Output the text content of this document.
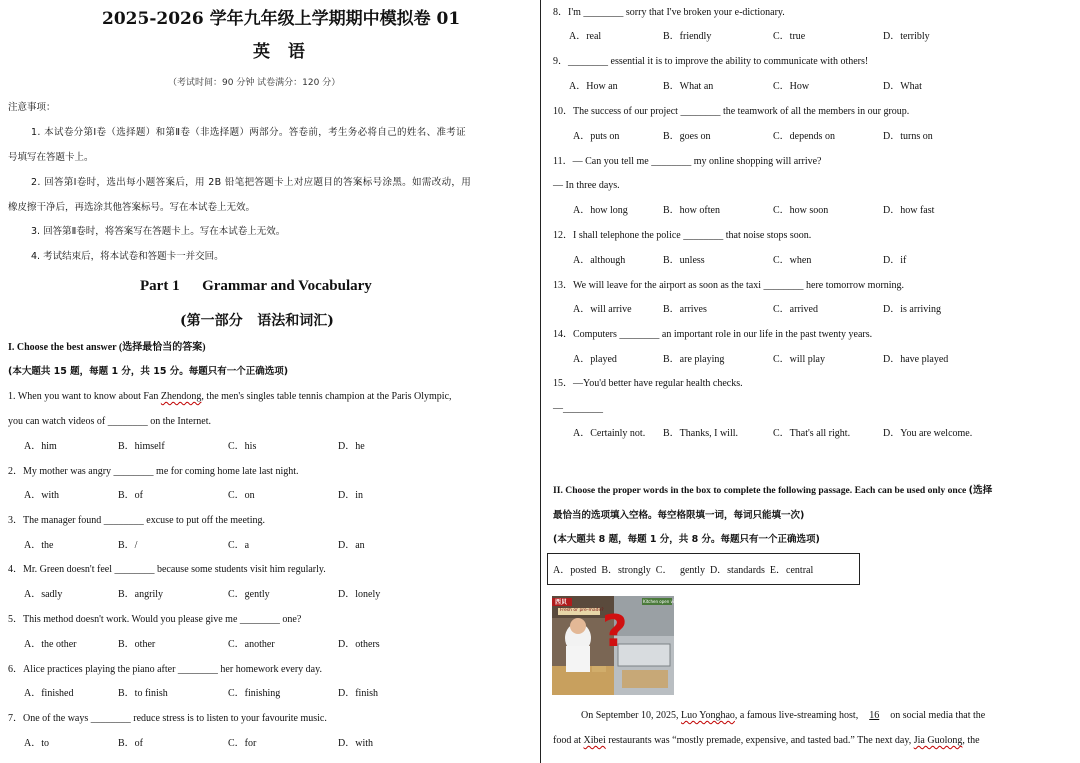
2025-2026 学年九年级上学期期中模拟卷 01
英 语
（考试时间：90 分钟 试卷满分：120 分）
注意事项：
1. 本试卷分第Ⅰ卷（选择题）和第Ⅱ卷（非选择题）两部分。答卷前，考生务必将自己的姓名、准考证
号填写在答题卡上。
2. 回答第Ⅰ卷时，选出每小题答案后，用 2B 铅笔把答题卡上对应题目的答案标号涂黑。如需改动，用
橡皮擦干净后，再选涂其他答案标号。写在本试卷上无效。
3. 回答第Ⅱ卷时，将答案写在答题卡上。写在本试卷上无效。
4. 考试结束后，将本试卷和答题卡一并交回。
Part 1      Grammar and Vocabulary
(第一部分   语法和词汇)
I. Choose the best answer (选择最恰当的答案)
(本大题共 15 题，每题 1 分，共 15 分。每题只有一个正确选项)
1. When you want to know about Fan Zhendong, the men's singles table tennis champion at the Paris Olympic,
you can watch videos of ________ on the Internet.
A．him	B．himself	C．his	D．he
2．My mother was angry ________ me for coming home late last night.
A．with	B．of	C．on	D．in
3．The manager found ________ excuse to put off the meeting.
A．the	B．/	C．a	D．an
4．Mr. Green doesn't feel ________ because some students visit him regularly.
A．sadly	B．angrily	C．gently	D．lonely
5．This method doesn't work. Would you please give me ________ one?
A．the other	B．other	C．another	D．others
6．Alice practices playing the piano after ________ her homework every day.
A．finished	B．to finish	C．finishing	D．finish
7．One of the ways ________ reduce stress is to listen to your favourite music.
A．to	B．of	C．for	D．with
8．I'm ________ sorry that I've broken your e-dictionary.
A．real	B．friendly	C．true	D．terribly
9．________ essential it is to improve the ability to communicate with others!
A．How an	B．What an	C．How	D．What
10．The success of our project ________ the teamwork of all the members in our group.
A．puts on	B．goes on	C．depends on	D．turns on
11．— Can you tell me ________ my online shopping will arrive?
— In three days.
A．how long	B．how often	C．how soon	D．how fast
12．I shall telephone the police ________ that noise stops soon.
A．although	B．unless	C．when	D．if
13．We will leave for the airport as soon as the taxi ________ here tomorrow morning.
A．will arrive	B．arrives	C．arrived	D．is arriving
14．Computers ________ an important role in our life in the past twenty years.
A．played	B．are playing	C．will play	D．have played
15．—You'd better have regular health checks.
—________
A．Certainly not. B．Thanks, I will.	C．That's all right.	D．You are welcome.
II. Choose the proper words in the box to complete the following passage. Each can be used only once (选择
最恰当的选项填入空格。每空格限填一词，每词只能填一次)
(本大题共 8 题，每题 1 分，共 8 分。每题只有一个正确选项)
A．posted  B．strongly  C．   gently  D．standards  E．central
西贝
Fresh or pre-made?
Kitchen open view
?
On September 10, 2025, Luo Yonghao, a famous live-streaming host,  16  on social media that the
food at Xibei restaurants was “mostly premade, expensive, and tasted bad.” The next day, Jia Guolong, the
